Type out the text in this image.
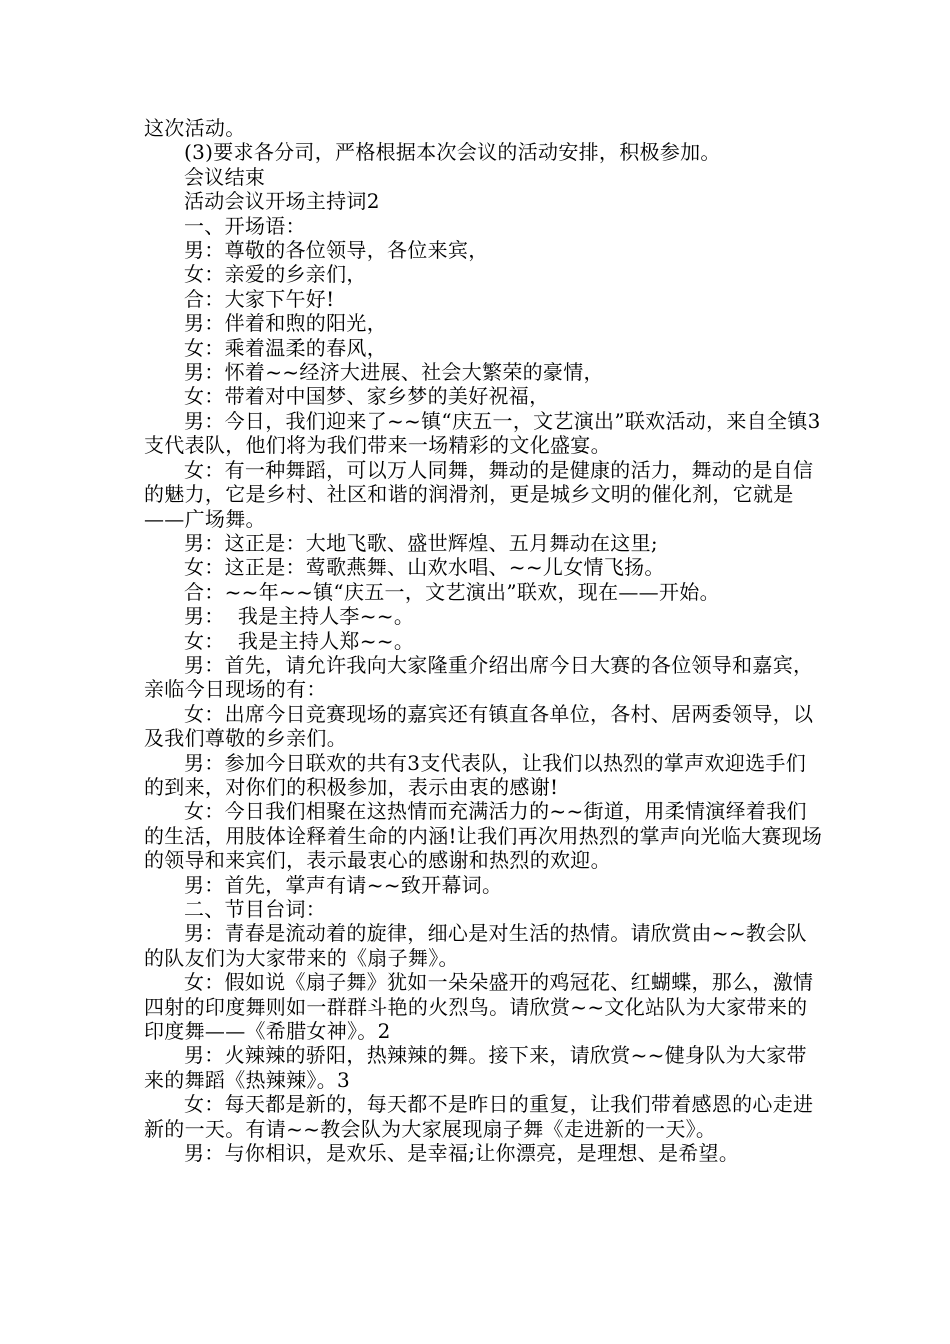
这次活动。

(3)要求各分司，严格根据本次会议的活动安排，积极参加。

会议结束

活动会议开场主持词2

一、开场语：

男：尊敬的各位领导，各位来宾，

女：亲爱的乡亲们，

合：大家下午好!

男：伴着和煦的阳光，

女：乘着温柔的春风，

男：怀着~~经济大进展、社会大繁荣的豪情，

女：带着对中国梦、家乡梦的美好祝福，

男：今日，我们迎来了~~镇“庆五一，文艺演出”联欢活动，来自全镇3支代表队，他们将为我们带来一场精彩的文化盛宴。

女：有一种舞蹈，可以万人同舞，舞动的是健康的活力，舞动的是自信的魅力，它是乡村、社区和谐的润滑剂，更是城乡文明的催化剂，它就是——广场舞。

男：这正是：大地飞歌、盛世辉煌、五月舞动在这里;

女：这正是：莺歌燕舞、山欢水唱、~~儿女情飞扬。

合：~~年~~镇“庆五一，文艺演出”联欢，现在——开始。

男：  我是主持人李~~。

女：  我是主持人郑~~。

男：首先，请允许我向大家隆重介绍出席今日大赛的各位领导和嘉宾，亲临今日现场的有：

女：出席今日竞赛现场的嘉宾还有镇直各单位，各村、居两委领导，以及我们尊敬的乡亲们。

男：参加今日联欢的共有3支代表队，让我们以热烈的掌声欢迎选手们的到来，对你们的积极参加，表示由衷的感谢!

女：今日我们相聚在这热情而充满活力的~~街道，用柔情演绎着我们的生活，用肢体诠释着生命的内涵!让我们再次用热烈的掌声向光临大赛现场的领导和来宾们，表示最衷心的感谢和热烈的欢迎。

男：首先，掌声有请~~致开幕词。

二、节目台词：

男：青春是流动着的旋律，细心是对生活的热情。请欣赏由~~教会队的队友们为大家带来的《扇子舞》。

女：假如说《扇子舞》犹如一朵朵盛开的鸡冠花、红蝴蝶，那么，激情四射的印度舞则如一群群斗艳的火烈鸟。请欣赏~~文化站队为大家带来的印度舞——《希腊女神》。2

男：火辣辣的骄阳，热辣辣的舞。接下来，请欣赏~~健身队为大家带来的舞蹈《热辣辣》。3

女：每天都是新的，每天都不是昨日的重复，让我们带着感恩的心走进新的一天。有请~~教会队为大家展现扇子舞《走进新的一天》。

男：与你相识，是欢乐、是幸福;让你漂亮，是理想、是希望。
